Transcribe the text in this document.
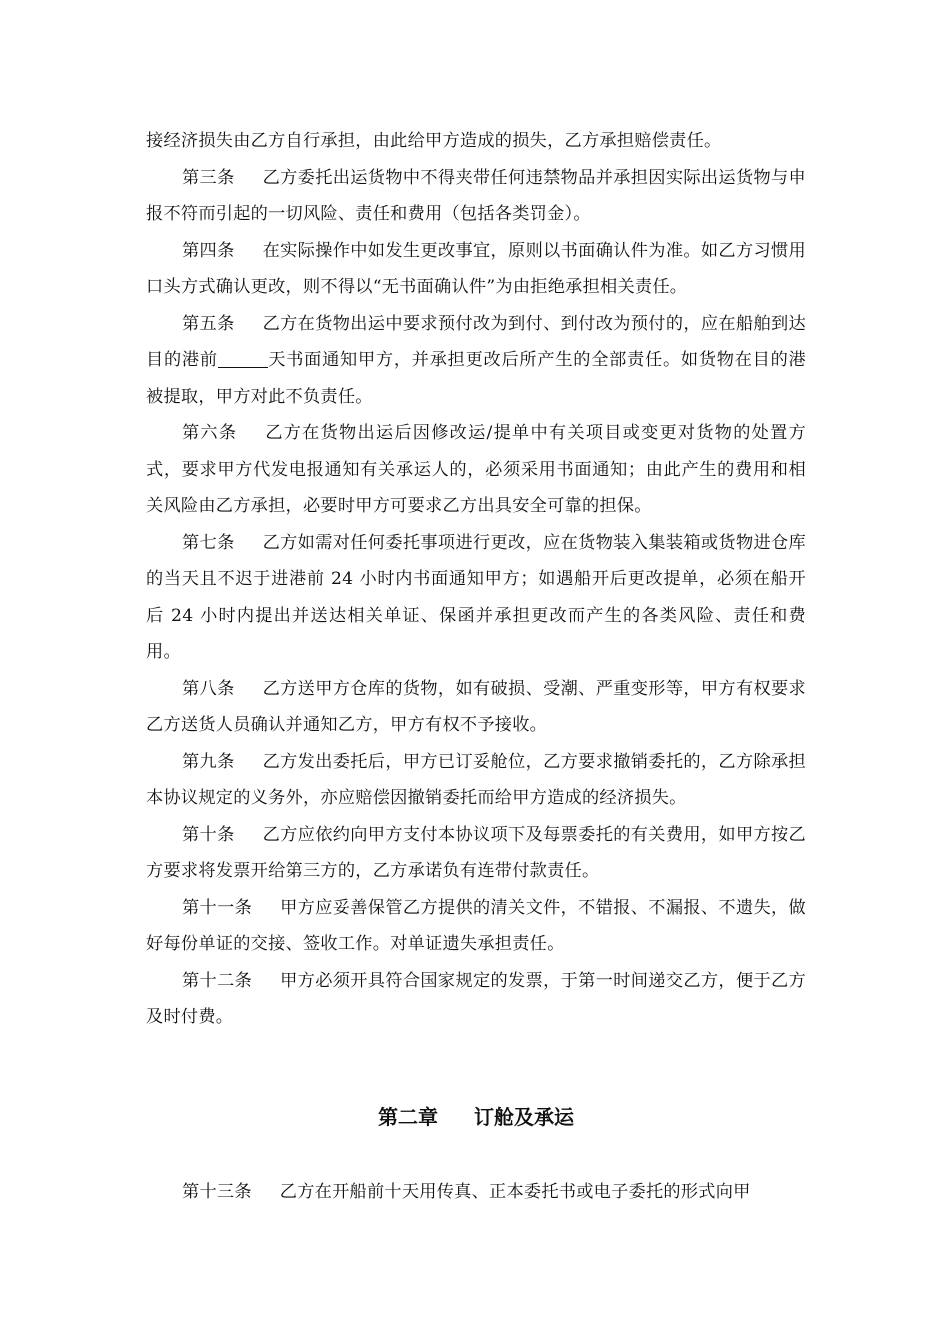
接经济损失由乙方自行承担，由此给甲方造成的损失，乙方承担赔偿责任。

第三条 乙方委托出运货物中不得夹带任何违禁物品并承担因实际出运货物与申报不符而引起的一切风险、责任和费用（包括各类罚金）。

第四条 在实际操作中如发生更改事宜，原则以书面确认件为准。如乙方习惯用口头方式确认更改，则不得以“无书面确认件”为由拒绝承担相关责任。

第五条 乙方在货物出运中要求预付改为到付、到付改为预付的，应在船舶到达目的港前	天书面通知甲方，并承担更改后所产生的全部责任。如货物在目的港被提取，甲方对此不负责任。

第六条 乙方在货物出运后因修改运/提单中有关项目或变更对货物的处置方式，要求甲方代发电报通知有关承运人的，必须采用书面通知；由此产生的费用和相关风险由乙方承担，必要时甲方可要求乙方出具安全可靠的担保。

第七条 乙方如需对任何委托事项进行更改，应在货物装入集装箱或货物进仓库的当天且不迟于进港前 24 小时内书面通知甲方；如遇船开后更改提单，必须在船开后 24 小时内提出并送达相关单证、保函并承担更改而产生的各类风险、责任和费用。

第八条 乙方送甲方仓库的货物，如有破损、受潮、严重变形等，甲方有权要求乙方送货人员确认并通知乙方，甲方有权不予接收。

第九条 乙方发出委托后，甲方已订妥舱位，乙方要求撤销委托的，乙方除承担本协议规定的义务外，亦应赔偿因撤销委托而给甲方造成的经济损失。

第十条 乙方应依约向甲方支付本协议项下及每票委托的有关费用，如甲方按乙方要求将发票开给第三方的，乙方承诺负有连带付款责任。

第十一条 甲方应妥善保管乙方提供的清关文件，不错报、不漏报、不遗失，做好每份单证的交接、签收工作。对单证遗失承担责任。

第十二条 甲方必须开具符合国家规定的发票，于第一时间递交乙方，便于乙方及时付费。

第二章 订舱及承运

第十三条 乙方在开船前十天用传真、正本委托书或电子委托的形式向甲
